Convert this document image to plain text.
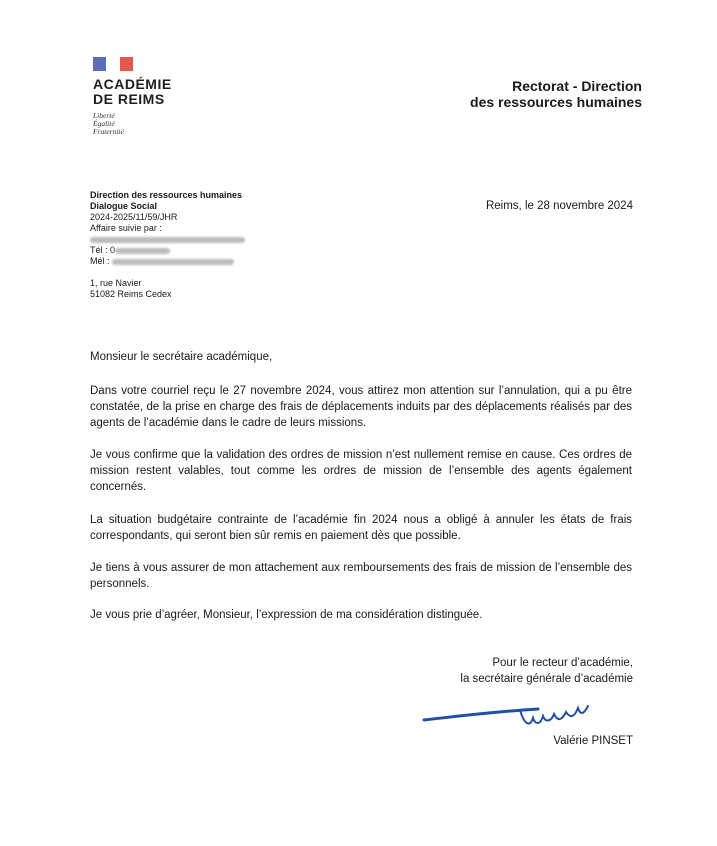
ACADÉMIE
DE REIMS
Liberté
Égalité
Fraternité
Rectorat - Direction
des ressources humaines
Direction des ressources humaines
Dialogue Social
2024-2025/11/59/JHR
Affaire suivie par :
Tél : 0
Mél :
1, rue Navier
51082 Reims Cedex
Reims, le 28 novembre 2024
Monsieur le secrétaire académique,

Dans votre courriel reçu le 27 novembre 2024, vous attirez mon attention sur l’annulation, qui a pu être constatée, de la prise en charge des frais de déplacements induits par des déplacements réalisés par des agents de l’académie dans le cadre de leurs missions.

Je vous confirme que la validation des ordres de mission n’est nullement remise en cause. Ces ordres de mission restent valables, tout comme les ordres de mission de l’ensemble des agents également concernés.

La situation budgétaire contrainte de l’académie fin 2024 nous a obligé à annuler les états de frais correspondants, qui seront bien sûr remis en paiement dès que possible.

Je tiens à vous assurer de mon attachement aux remboursements des frais de mission de l’ensemble des personnels.

Je vous prie d’agréer, Monsieur, l’expression de ma considération distinguée.

Pour le recteur d’académie,
la secrétaire générale d’académie
Valérie PINSET
